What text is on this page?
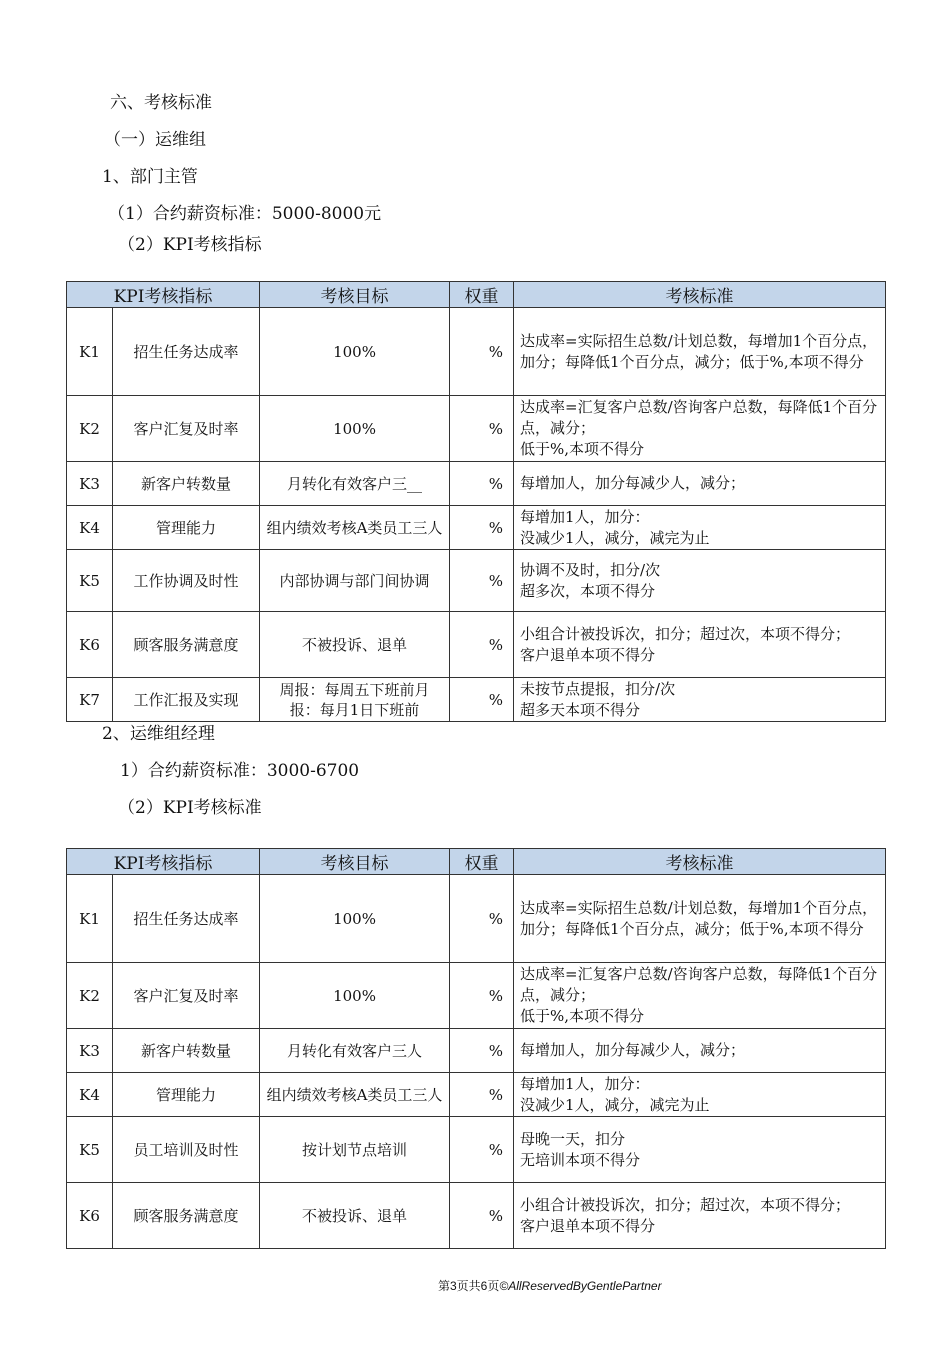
六、考核标准
（一）运维组
1、部门主管
（1）合约薪资标准：5000-8000元
（2）KPI考核指标
KPI考核指标		考核目标	权重	考核标准
K1	招生任务达成率	100%	%	达成率=实际招生总数/计划总数，每增加1个百分点，加分；每降低1个百分点，减分；低于%,本项不得分

K2	客户汇复及时率	100%	%	达成率=汇复客户总数/咨询客户总数，每降低1个百分点，减分；
低于%,本项不得分

K3	新客户转数量	月转化有效客户三__	%	每增加人，加分每减少人，减分；

K4	管理能力	组内绩效考核A类员工三人	%	每增加1人，加分：
没减少1人，减分，减完为止

K5	工作协调及时性	内部协调与部门间协调	%	协调不及时，扣分/次
超多次，本项不得分

K6	顾客服务满意度	不被投诉、退单	%	小组合计被投诉次，扣分；超过次，本项不得分；
客户退单本项不得分

K7	工作汇报及实现	周报：每周五下班前月报：每月1日下班前	%	未按节点提报，扣分/次
超多天本项不得分
2、运维组经理
1）合约薪资标准：3000-6700
（2）KPI考核标准
KPI考核指标		考核目标	权重	考核标准
K1	招生任务达成率	100%	%	达成率=实际招生总数/计划总数，每增加1个百分点，加分；每降低1个百分点，减分；低于%,本项不得分

K2	客户汇复及时率	100%	%	达成率=汇复客户总数/咨询客户总数，每降低1个百分点，减分；
低于%,本项不得分

K3	新客户转数量	月转化有效客户三人	%	每增加人，加分每减少人，减分；

K4	管理能力	组内绩效考核A类员工三人	%	每增加1人，加分：
没减少1人，减分，减完为止

K5	员工培训及时性	按计划节点培训	%	母晚一天，扣分
无培训本项不得分

K6	顾客服务满意度	不被投诉、退单	%	小组合计被投诉次，扣分；超过次，本项不得分；
客户退单本项不得分
第3页共6页©AllReservedByGentlePartner
